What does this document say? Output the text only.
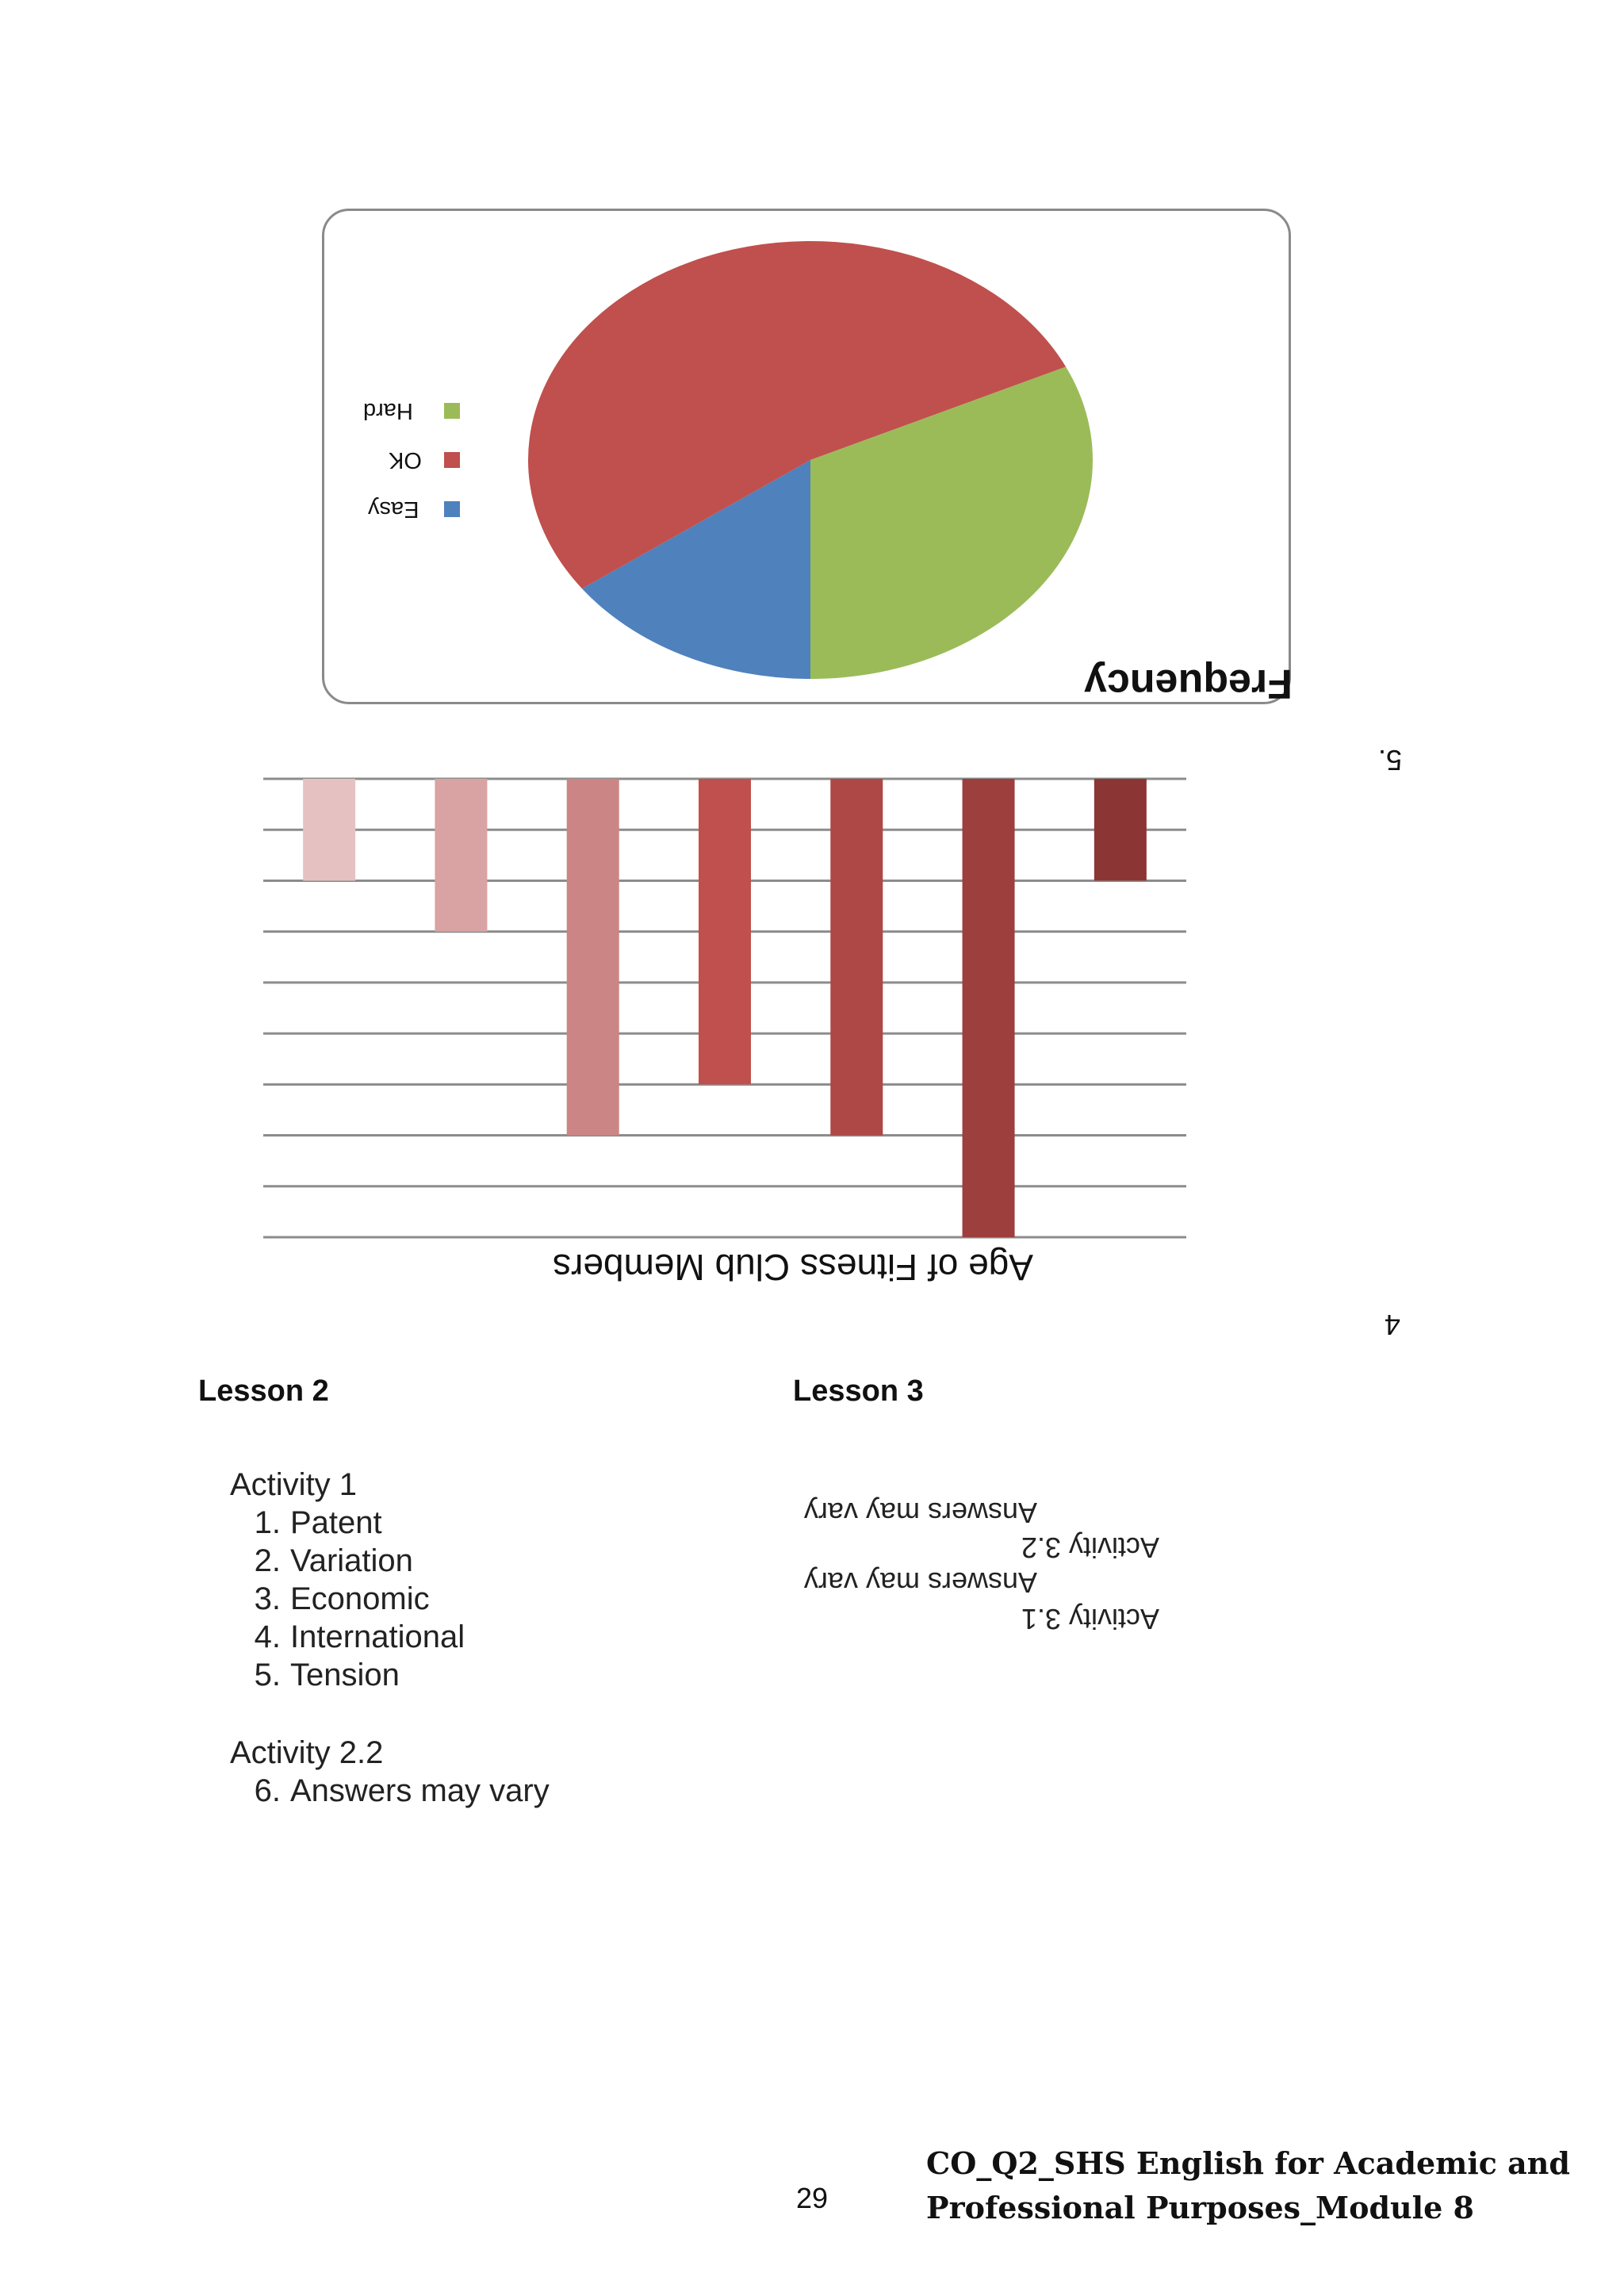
Frequency
Hard
OK
Easy
5.
Age of Fitness Club Members
4
Lesson 2
Activity 1
1. Patent
2. Variation
3. Economic
4. International
5. Tension
Activity 2.2
6. Answers may vary
Lesson 3
Answers may vary
Activity 3.2
Answers may vary
Activity 3.1
29
CO_Q2_SHS English for Academic and
Professional Purposes_Module 8
